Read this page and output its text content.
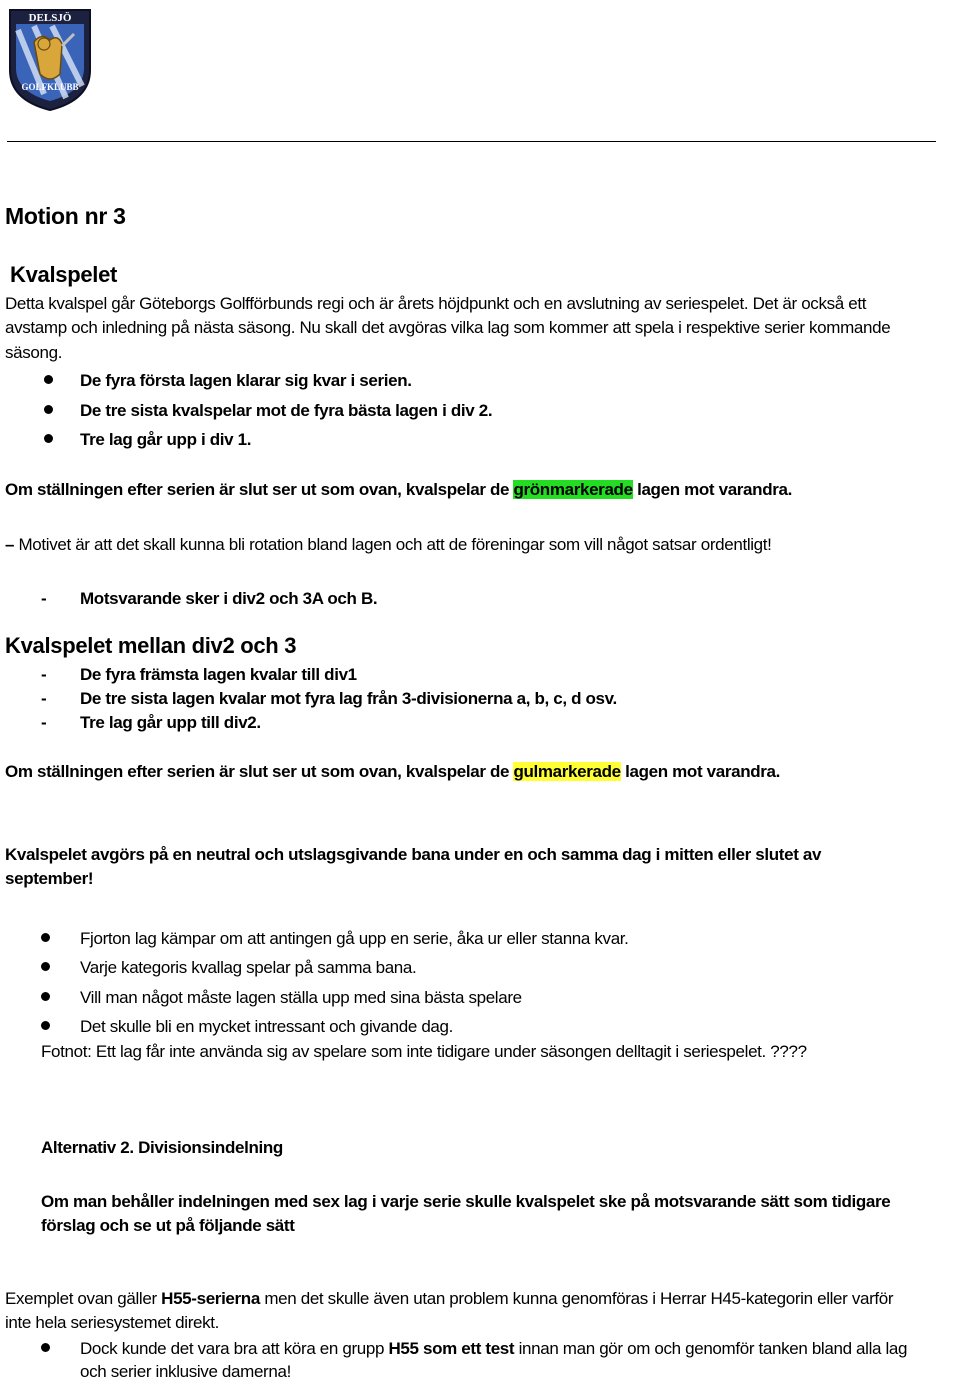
DELSJÖ
GOLFKLUBB
Motion nr 3
Kvalspelet
Detta kvalspel går Göteborgs Golfförbunds regi och är årets höjdpunkt och en avslutning av seriespelet. Det är också ett
avstamp och inledning på nästa säsong. Nu skall det avgöras vilka lag som kommer att spela i respektive serier kommande
säsong.
De fyra första lagen klarar sig kvar i serien.
De tre sista kvalspelar mot de fyra bästa lagen i div 2.
Tre lag går upp i div 1.
Om ställningen efter serien är slut ser ut som ovan, kvalspelar de grönmarkerade lagen mot varandra.
– Motivet är att det skall kunna bli rotation bland lagen och att de föreningar som vill något satsar ordentligt!
- Motsvarande sker i div2 och 3A och B.
Kvalspelet mellan div2 och 3
- De fyra främsta lagen kvalar till div1
- De tre sista lagen kvalar mot fyra lag från 3-divisionerna a, b, c, d osv.
- Tre lag går upp till div2.
Om ställningen efter serien är slut ser ut som ovan, kvalspelar de gulmarkerade lagen mot varandra.
Kvalspelet avgörs på en neutral och utslagsgivande bana under en och samma dag i mitten eller slutet av
september!
Fjorton lag kämpar om att antingen gå upp en serie, åka ur eller stanna kvar.
Varje kategoris kvallag spelar på samma bana.
Vill man något måste lagen ställa upp med sina bästa spelare
Det skulle bli en mycket intressant och givande dag.
Fotnot: Ett lag får inte använda sig av spelare som inte tidigare under säsongen delltagit i seriespelet. ????
Alternativ 2. Divisionsindelning
Om man behåller indelningen med sex lag i varje serie skulle kvalspelet ske på motsvarande sätt som tidigare
förslag och se ut på följande sätt
Exemplet ovan gäller H55-serierna men det skulle även utan problem kunna genomföras i Herrar H45-kategorin eller varför
inte hela seriesystemet direkt.
Dock kunde det vara bra att köra en grupp H55 som ett test innan man gör om och genomför tanken bland alla lag
och serier inklusive damerna!
